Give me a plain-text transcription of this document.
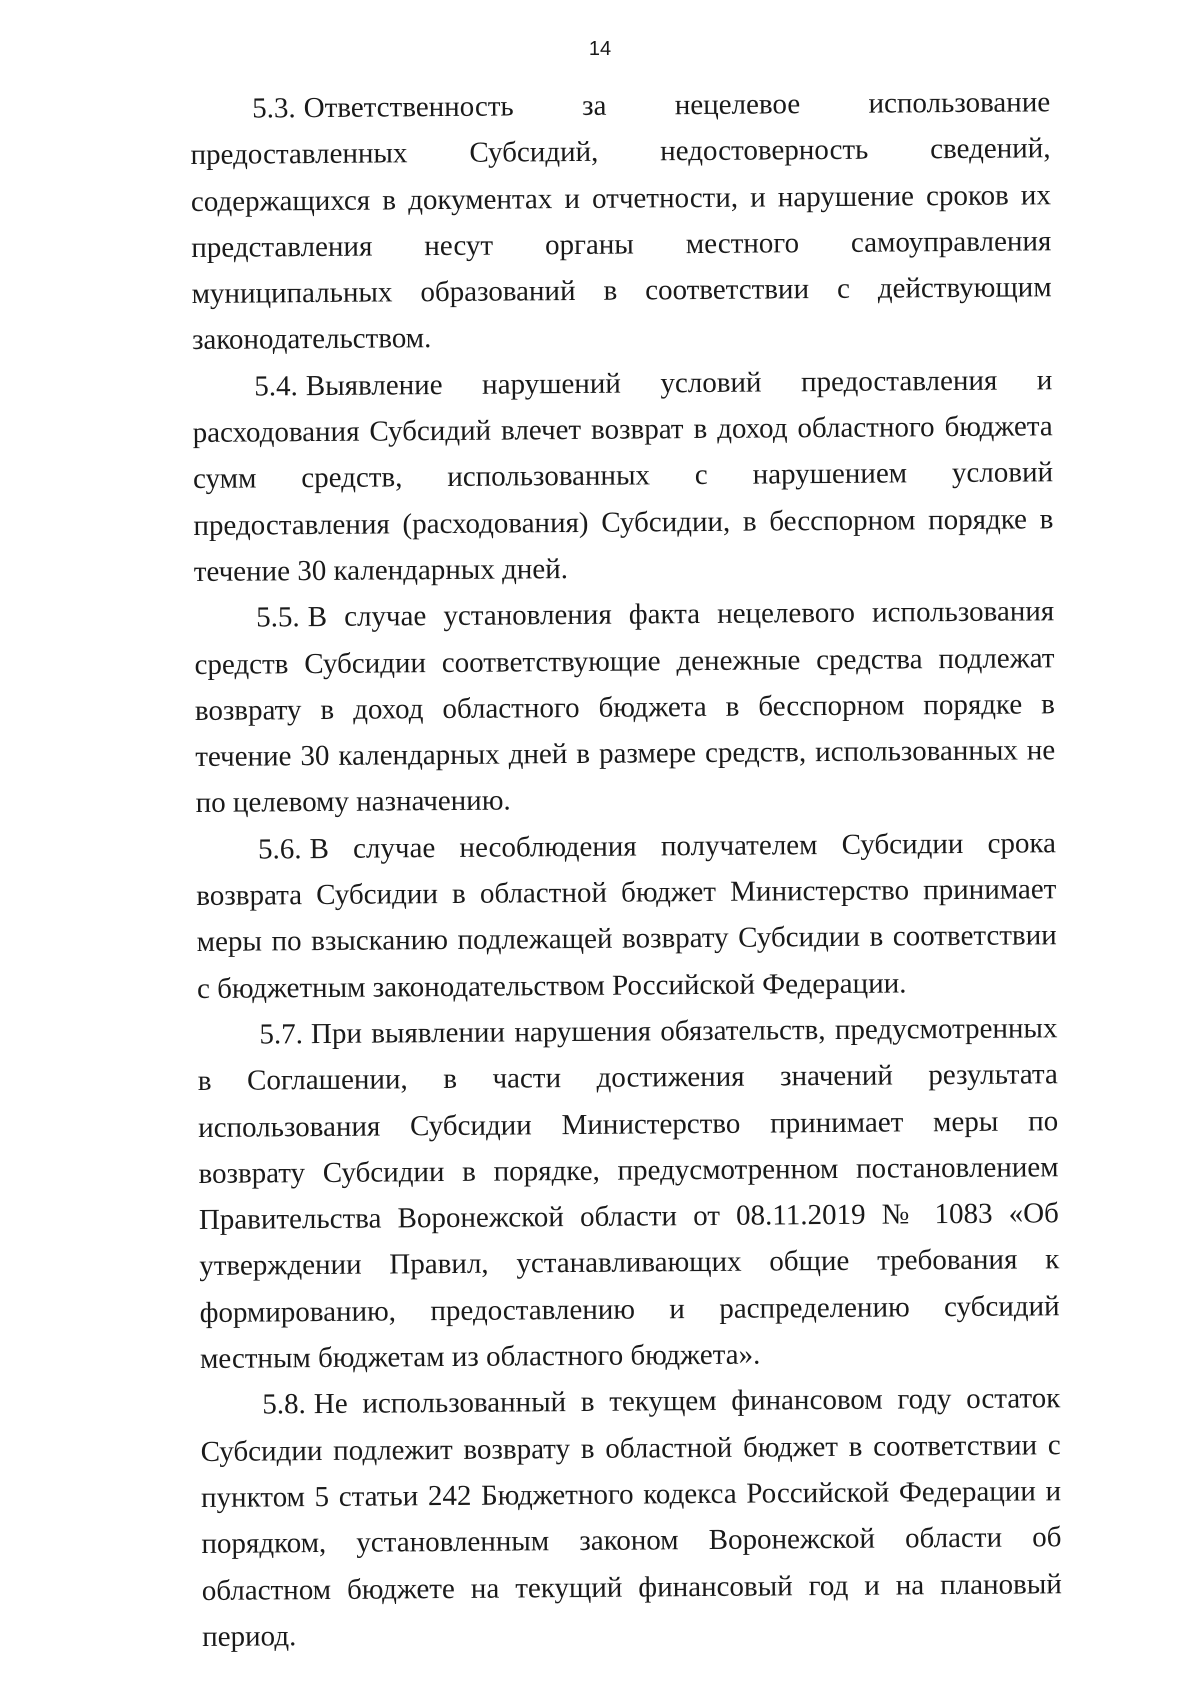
14

5.3. Ответственность за нецелевое использование предоставленных Субсидий, недостоверность сведений, содержащихся в документах и отчетности, и нарушение сроков их представления несут органы местного самоуправления муниципальных образований в соответствии с действующим законодательством.

5.4. Выявление нарушений условий предоставления и расходования Субсидий влечет возврат в доход областного бюджета сумм средств, использованных с нарушением условий предоставления (расходования) Субсидии, в бесспорном порядке в течение 30 календарных дней.

5.5. В случае установления факта нецелевого использования средств Субсидии соответствующие денежные средства подлежат возврату в доход областного бюджета в бесспорном порядке в течение 30 календарных дней в размере средств, использованных не по целевому назначению.

5.6. В случае несоблюдения получателем Субсидии срока возврата Субсидии в областной бюджет Министерство принимает меры по взысканию подлежащей возврату Субсидии в соответствии с бюджетным законодательством Российской Федерации.

5.7. При выявлении нарушения обязательств, предусмотренных в Соглашении, в части достижения значений результата использования Субсидии Министерство принимает меры по возврату Субсидии в порядке, предусмотренном постановлением Правительства Воронежской области от 08.11.2019 № 1083 «Об утверждении Правил, устанавливающих общие требования к формированию, предоставлению и распределению субсидий местным бюджетам из областного бюджета».

5.8. Не использованный в текущем финансовом году остаток Субсидии подлежит возврату в областной бюджет в соответствии с пунктом 5 статьи 242 Бюджетного кодекса Российской Федерации и порядком, установленным законом Воронежской области об областном бюджете на текущий финансовый год и на плановый период.
